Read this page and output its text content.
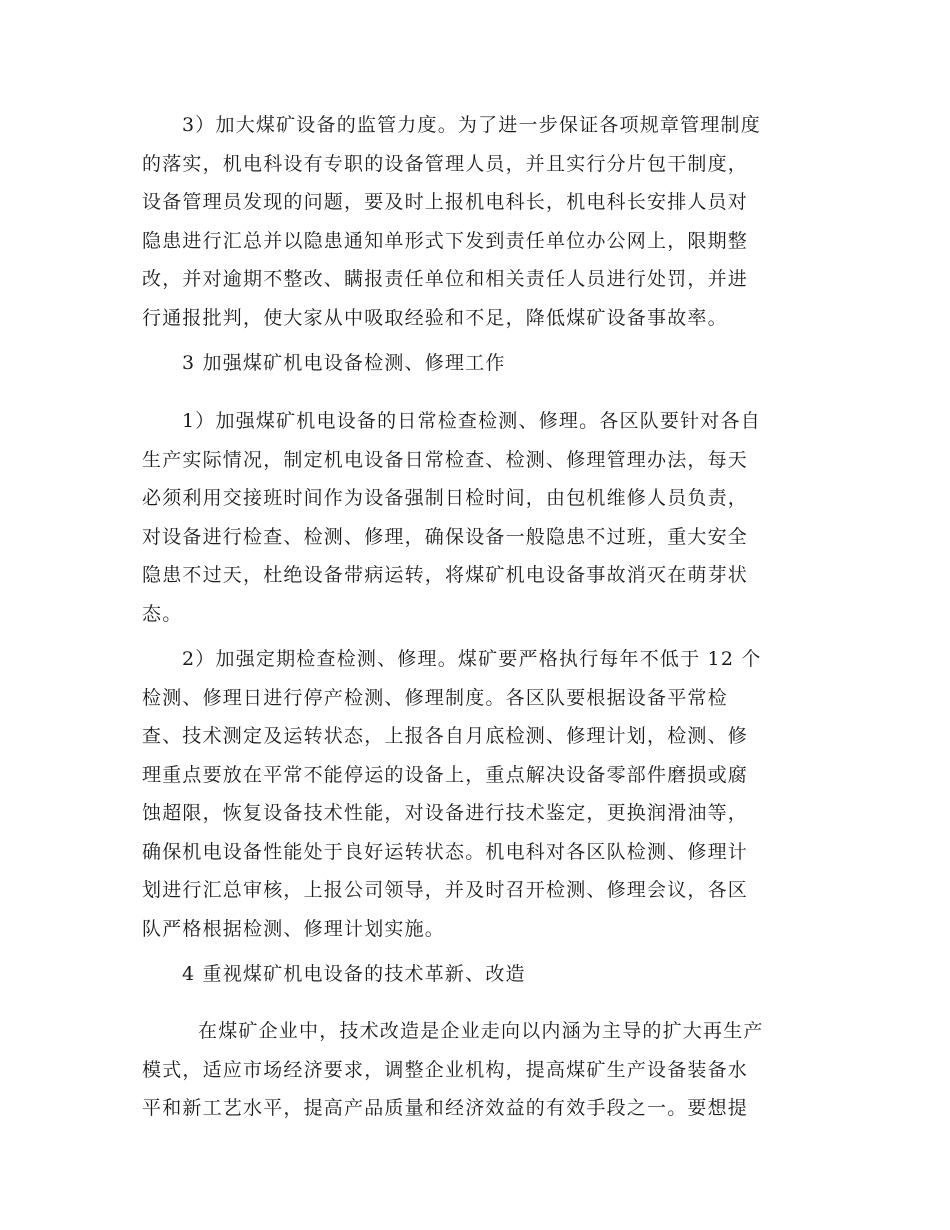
3）加大煤矿设备的监管力度。为了进一步保证各项规章管理制度
的落实，机电科设有专职的设备管理人员，并且实行分片包干制度，
设备管理员发现的问题，要及时上报机电科长，机电科长安排人员对
隐患进行汇总并以隐患通知单形式下发到责任单位办公网上，限期整
改，并对逾期不整改、瞒报责任单位和相关责任人员进行处罚，并进
行通报批判，使大家从中吸取经验和不足，降低煤矿设备事故率。
3 加强煤矿机电设备检测、修理工作
1）加强煤矿机电设备的日常检查检测、修理。各区队要针对各自
生产实际情况，制定机电设备日常检查、检测、修理管理办法，每天
必须利用交接班时间作为设备强制日检时间，由包机维修人员负责，
对设备进行检查、检测、修理，确保设备一般隐患不过班，重大安全
隐患不过天，杜绝设备带病运转，将煤矿机电设备事故消灭在萌芽状
态。
2）加强定期检查检测、修理。煤矿要严格执行每年不低于 12 个
检测、修理日进行停产检测、修理制度。各区队要根据设备平常检
查、技术测定及运转状态，上报各自月底检测、修理计划，检测、修
理重点要放在平常不能停运的设备上，重点解决设备零部件磨损或腐
蚀超限，恢复设备技术性能，对设备进行技术鉴定，更换润滑油等，
确保机电设备性能处于良好运转状态。机电科对各区队检测、修理计
划进行汇总审核，上报公司领导，并及时召开检测、修理会议，各区
队严格根据检测、修理计划实施。
4 重视煤矿机电设备的技术革新、改造
在煤矿企业中，技术改造是企业走向以内涵为主导的扩大再生产
模式，适应市场经济要求，调整企业机构，提高煤矿生产设备装备水
平和新工艺水平，提高产品质量和经济效益的有效手段之一。要想提
